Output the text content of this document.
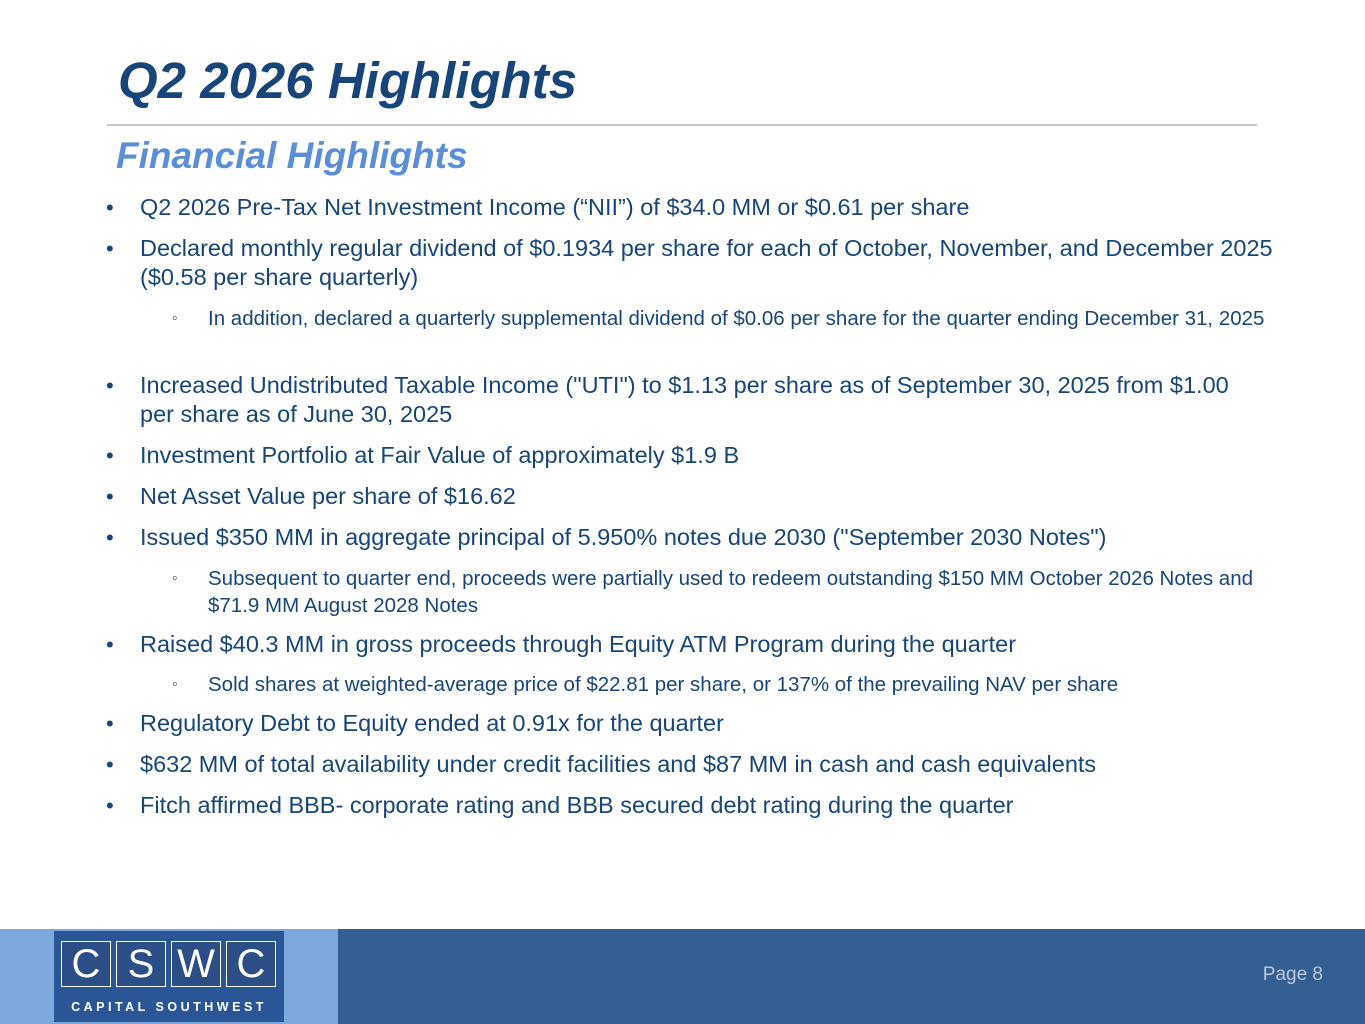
Q2 2026 Highlights
Financial Highlights
• Q2 2026 Pre-Tax Net Investment Income (“NII”) of $34.0 MM or $0.61 per share
• Declared monthly regular dividend of $0.1934 per share for each of October, November, and December 2025 ($0.58 per share quarterly)
◦ In addition, declared a quarterly supplemental dividend of $0.06 per share for the quarter ending December 31, 2025
• Increased Undistributed Taxable Income ("UTI") to $1.13 per share as of September 30, 2025 from $1.00 per share as of June 30, 2025
• Investment Portfolio at Fair Value of approximately $1.9 B
• Net Asset Value per share of $16.62
• Issued $350 MM in aggregate principal of 5.950% notes due 2030 ("September 2030 Notes")
◦ Subsequent to quarter end, proceeds were partially used to redeem outstanding $150 MM October 2026 Notes and $71.9 MM August 2028 Notes
• Raised $40.3 MM in gross proceeds through Equity ATM Program during the quarter
◦ Sold shares at weighted-average price of $22.81 per share, or 137% of the prevailing NAV per share
• Regulatory Debt to Equity ended at 0.91x for the quarter
• $632 MM of total availability under credit facilities and $87 MM in cash and cash equivalents
• Fitch affirmed BBB- corporate rating and BBB secured debt rating during the quarter
C S W C
CAPITAL SOUTHWEST
Page 8
